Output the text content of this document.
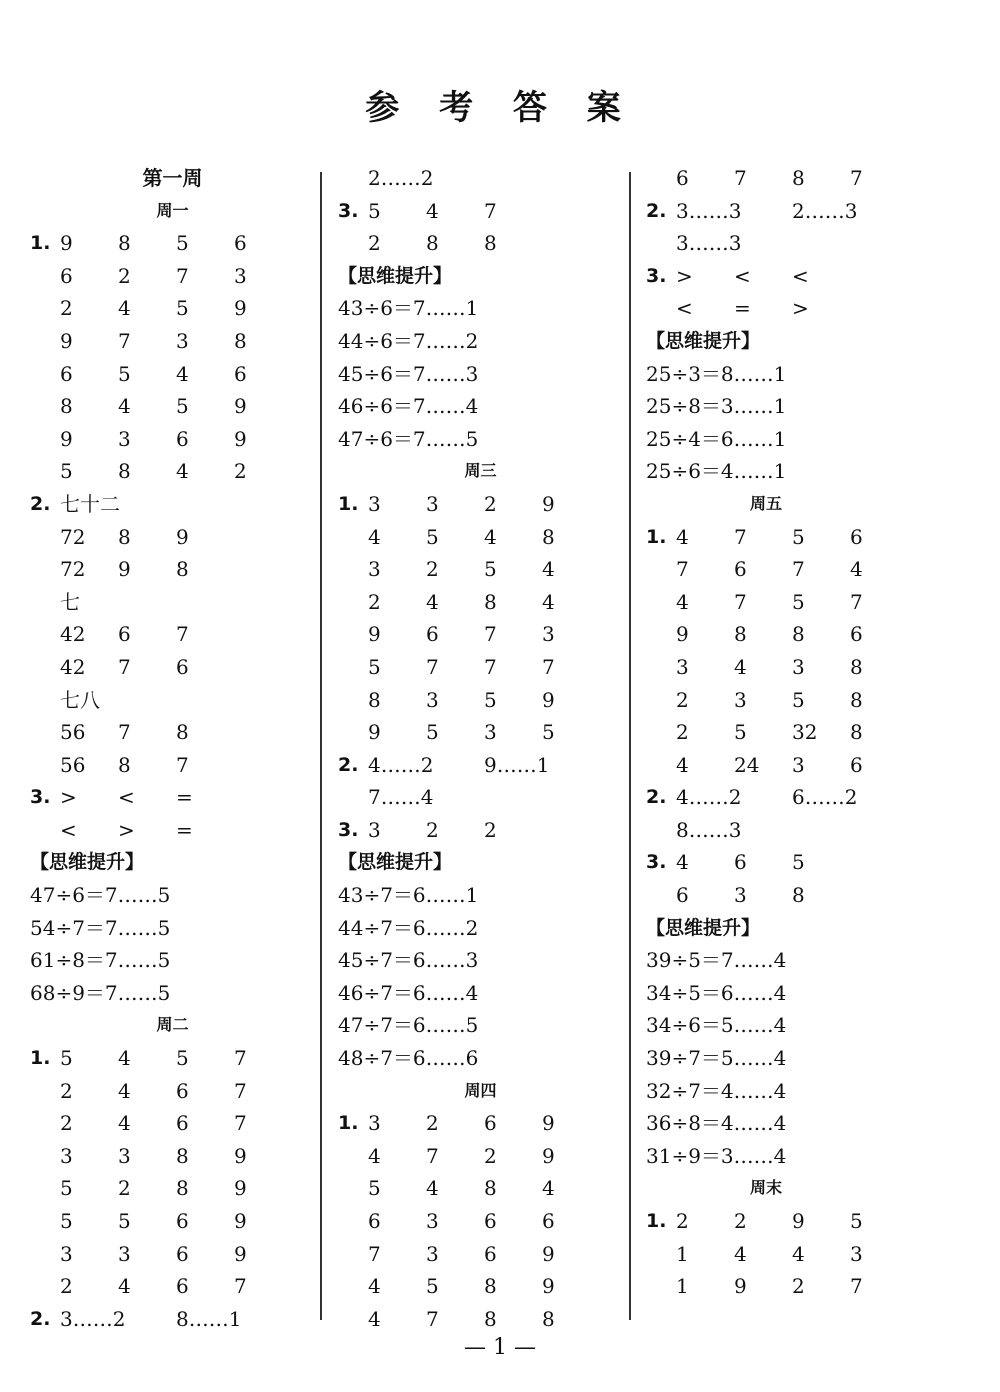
参 考 答 案
第一周
周一
1. 9 8 5 6
6 2 7 3
2 4 5 9
9 7 3 8
6 5 4 6
8 4 5 9
9 3 6 9
5 8 4 2
2. 七十二
72 8 9
72 9 8
七
42 6 7
42 7 6
七八
56 7 8
56 8 7
3. > < =
< > =
【思维提升】
47÷6＝7……5
54÷7＝7……5
61÷8＝7……5
68÷9＝7……5
周二
1. 5 4 5 7
2 4 6 7
2 4 6 7
3 3 8 9
5 2 8 9
5 5 6 9
3 3 6 9
2 4 6 7
2. 3……2	8……1
2……2
3. 5 4 7
2 8 8
【思维提升】
43÷6＝7……1
44÷6＝7……2
45÷6＝7……3
46÷6＝7……4
47÷6＝7……5
周三
1. 3 3 2 9
4 5 4 8
3 2 5 4
2 4 8 4
9 6 7 3
5 7 7 7
8 3 5 9
9 5 3 5
2. 4……2	9……1
7……4
3. 3 2 2
【思维提升】
43÷7＝6……1
44÷7＝6……2
45÷7＝6……3
46÷7＝6……4
47÷7＝6……5
48÷7＝6……6
周四
1. 3 2 6 9
4 7 2 9
5 4 8 4
6 3 6 6
7 3 6 9
4 5 8 9
4 7 8 8
6 7 8 7
2. 3……3	2……3
3……3
3. > < <
< = >
【思维提升】
25÷3＝8……1
25÷8＝3……1
25÷4＝6……1
25÷6＝4……1
周五
1. 4 7 5 6
7 6 7 4
4 7 5 7
9 8 8 6
3 4 3 8
2 3 5 8
2 5 32 8
4 24 3 6
2. 4……2	6……2
8……3
3. 4 6 5
6 3 8
【思维提升】
39÷5＝7……4
34÷5＝6……4
34÷6＝5……4
39÷7＝5……4
32÷7＝4……4
36÷8＝4……4
31÷9＝3……4
周末
1. 2 2 9 5
1 4 4 3
1 9 2 7
— 1 —
